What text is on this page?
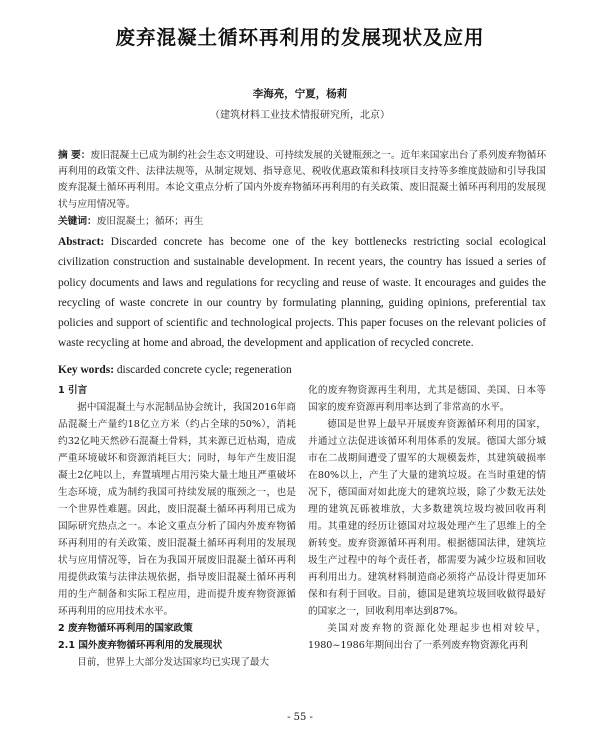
废弃混凝土循环再利用的发展现状及应用
李海亮，宁夏，杨莉
（建筑材料工业技术情报研究所，北京）
摘 要：废旧混凝土已成为制约社会生态文明建设、可持续发展的关键瓶颈之一。近年来国家出台了系列废弃物循环再利用的政策文件、法律法规等，从制定规划、指导意见、税收优惠政策和科技项目支持等多维度鼓励和引导我国废弃混凝土循环再利用。本论文重点分析了国内外废弃物循环再利用的有关政策、废旧混凝土循环再利用的发展现状与应用情况等。
关键词：废旧混凝土；循环；再生
Abstract: Discarded concrete has become one of the key bottlenecks restricting social ecological civilization construction and sustainable development. In recent years, the country has issued a series of policy documents and laws and regulations for recycling and reuse of waste. It encourages and guides the recycling of waste concrete in our country by formulating planning, guiding opinions, preferential tax policies and support of scientific and technological projects. This paper focuses on the relevant policies of waste recycling at home and abroad, the development and application of recycled concrete.
Key words: discarded concrete cycle; regeneration

1 引言

据中国混凝土与水泥制品协会统计，我国2016年商品混凝土产量约18亿立方米（约占全球的50%），消耗约32亿吨天然砂石混凝土骨料，其来源已近枯竭，造成严重环境破坏和资源消耗巨大；同时，每年产生废旧混凝土2亿吨以上，弃置填埋占用污染大量土地且严重破坏生态环境，成为制约我国可持续发展的瓶颈之一，也是一个世界性难题。因此，废旧混凝土循环再利用已成为国际研究热点之一。本论文重点分析了国内外废弃物循环再利用的有关政策、废旧混凝土循环再利用的发展现状与应用情况等，旨在为我国开展废旧混凝土循环再利用提供政策与法律法规依据，指导废旧混凝土循环再利用的生产制备和实际工程应用，进而提升废弃物资源循环再利用的应用技术水平。

2 废弃物循环再利用的国家政策

2.1 国外废弃物循环再利用的发展现状

目前，世界上大部分发达国家均已实现了最大

化的废弃物资源再生利用，尤其是德国、美国、日本等国家的废弃资源再利用率达到了非常高的水平。

德国是世界上最早开展废弃资源循环利用的国家，并通过立法促进该循环利用体系的发展。德国大部分城市在二战期间遭受了盟军的大规模轰炸，其建筑破损率在80%以上，产生了大量的建筑垃圾。在当时重建的情况下，德国面对如此庞大的建筑垃圾，除了少数无法处理的建筑瓦砾被堆放，大多数建筑垃圾均被回收再利用。其重建的经历让德国对垃圾处理产生了思维上的全新转变。废弃资源循环再利用。根据德国法律，建筑垃圾生产过程中的每个责任者，都需要为减少垃圾和回收再利用出力。建筑材料制造商必须将产品设计得更加环保和有利于回收。目前，德国是建筑垃圾回收做得最好的国家之一，回收利用率达到87%。

美国对废弃物的资源化处理起步也相对较早，1980~1986年期间出台了一系列废弃物资源化再利

- 55 -
